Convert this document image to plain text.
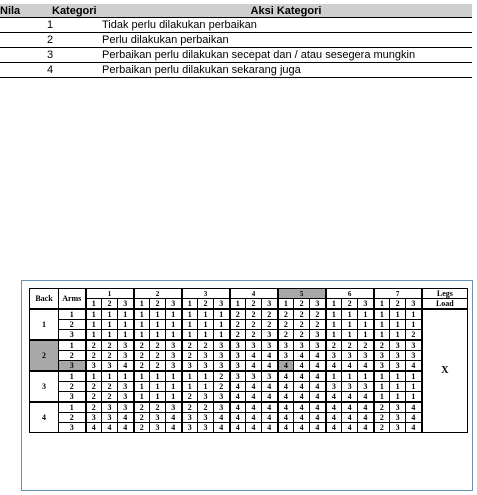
Nila	Kategori	Aksi Kategori
1		Tidak perlu dilakukan perbaikan
2		Perlu dilakukan perbaikan
3		Perbaikan perlu dilakukan secepat dan / atau sesegera mungkin
4		Perbaikan perlu dilakukan sekarang juga
Back	Arms	1			2			3			4			5			6			7			Legs
		1	2	3	1	2	3	1	2	3	1	2	3	1	2	3	1	2	3	1	2	3	Load
1	1	1	1	1	1	1	1	1	1	1	2	2	2	2	2	2	1	1	1	1	1	1	X
	2	1	1	1	1	1	1	1	1	1	2	2	2	2	2	2	1	1	1	1	1	1	
	3	1	1	1	1	1	1	1	1	1	2	2	3	2	2	3	1	1	1	1	1	2	
2	1	2	2	3	2	2	3	2	2	3	3	3	3	3	3	3	2	2	2	2	3	3	
	2	2	2	3	2	2	3	2	3	3	3	4	4	3	4	4	3	3	3	3	3	3	
	3	3	3	4	2	2	3	3	3	3	3	4	4	4	4	4	4	4	4	3	3	4	
3	1	1	1	1	1	1	1	1	1	2	3	3	3	4	4	4	1	1	1	1	1	1	
	2	2	2	3	1	1	1	1	1	2	4	4	4	4	4	4	3	3	3	1	1	1	
	3	2	2	3	1	1	1	2	3	3	4	4	4	4	4	4	4	4	4	1	1	1	
4	1	2	3	3	2	2	3	2	2	3	4	4	4	4	4	4	4	4	4	2	3	4	
	2	3	3	4	2	3	4	3	3	4	4	4	4	4	4	4	4	4	4	2	3	4	
	3	4	4	4	2	3	4	3	3	4	4	4	4	4	4	4	4	4	4	2	3	4	
